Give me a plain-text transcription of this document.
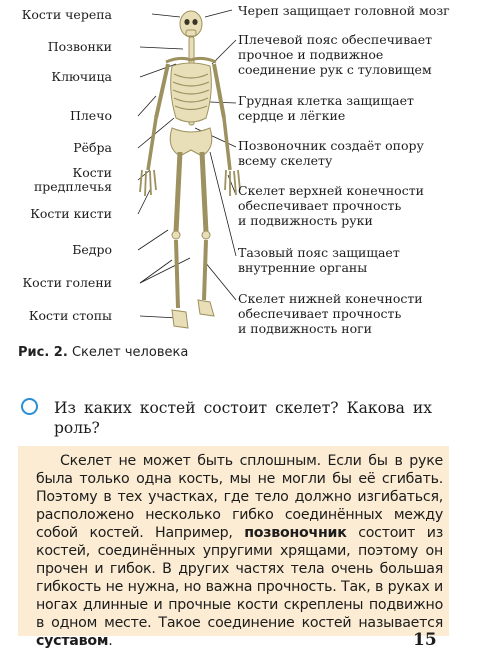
Кости черепа
Позвонки
Ключица
Плечо
Рёбра
Кости
предплечья
Кости кисти
Бедро
Кости голени
Кости стопы
Череп защищает головной мозг
Плечевой пояс обеспечивает
прочное и подвижное
соединение рук с туловищем
Грудная клетка защищает
сердце и лёгкие
Позвоночник создаёт опору
всему скелету
Скелет верхней конечности
обеспечивает прочность
и подвижность руки
Тазовый пояс защищает
внутренние органы
Скелет нижней конечности
обеспечивает прочность
и подвижность ноги
Рис. 2. Скелет человека
Из каких костей состоит скелет? Какова их роль?
Скелет не может быть сплошным. Если бы в руке была только одна кость, мы не могли бы её сгибать. Поэтому в тех участках, где тело должно изгибаться, расположено несколько гибко соединённых между собой костей. Например, позвоночник состоит из костей, соединённых упругими хрящами, поэтому он прочен и гибок. В других частях тела очень большая гибкость не нужна, но важна прочность. Так, в руках и ногах длинные и прочные кости скреплены подвижно в одном месте. Такое соединение костей называется суставом.	15
